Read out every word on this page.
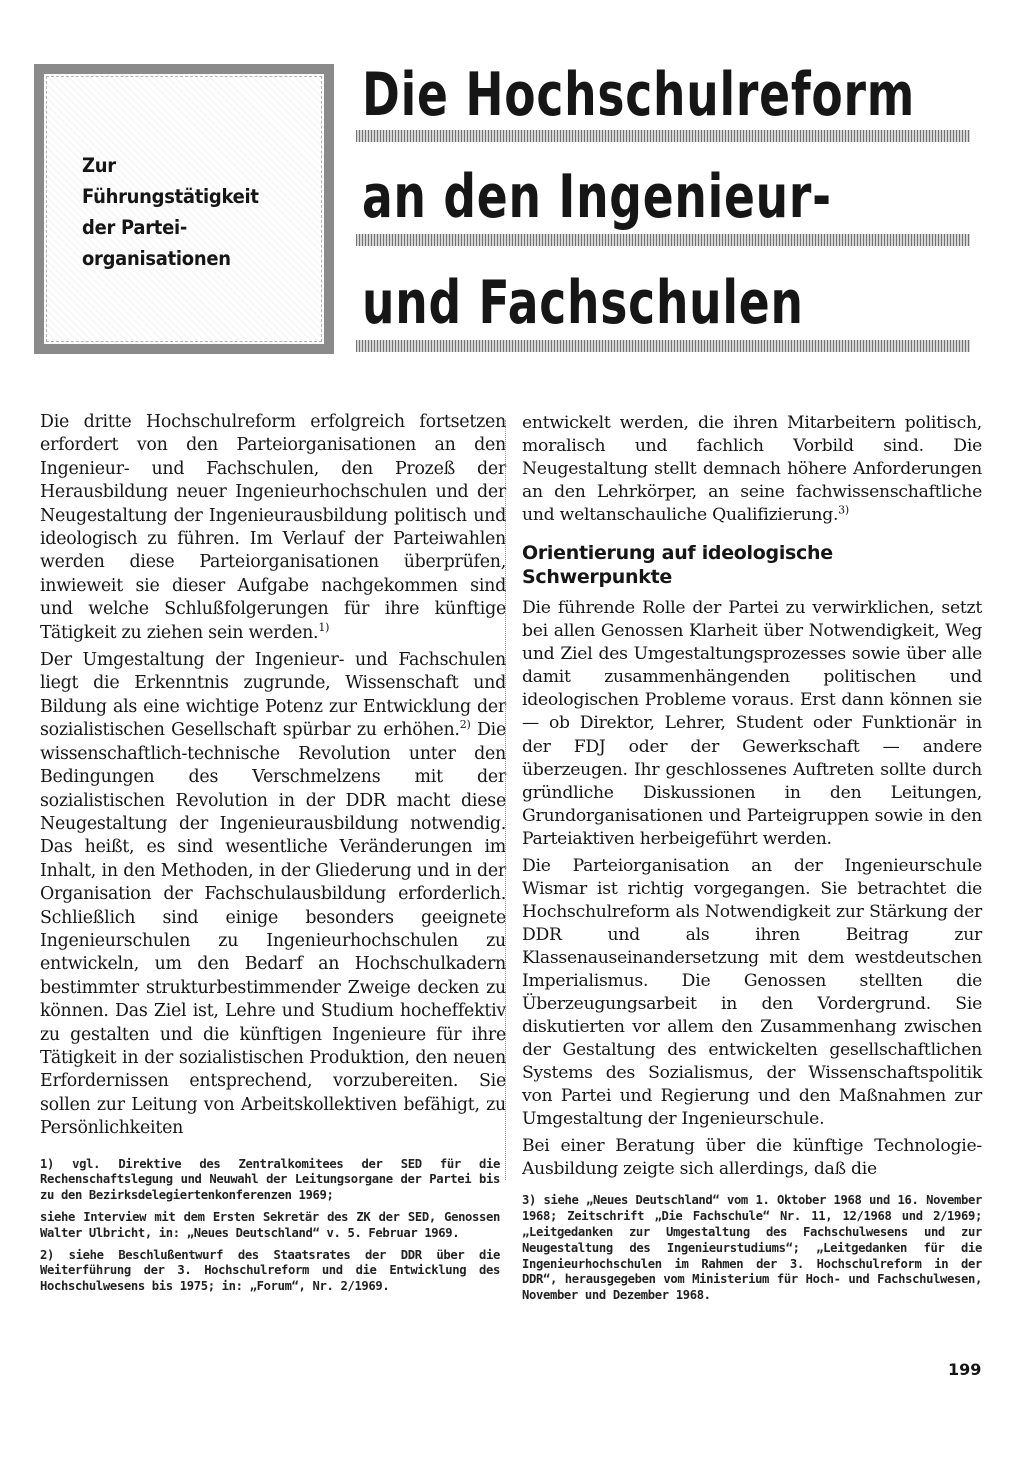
Zur
Führungstätigkeit
der Partei-
organisationen
Die Hochschulreform
an den Ingenieur-
und Fachschulen

Die dritte Hochschulreform erfolgreich fortsetzen erfordert von den Parteiorganisationen an den Ingenieur- und Fachschulen, den Prozeß der Herausbildung neuer Ingenieurhochschulen und der Neugestaltung der Ingenieurausbildung politisch und ideologisch zu führen. Im Verlauf der Parteiwahlen werden diese Parteiorganisationen überprüfen, inwieweit sie dieser Aufgabe nachgekommen sind und welche Schlußfolgerungen für ihre künftige Tätigkeit zu ziehen sein werden.$^{1)}$

Der Umgestaltung der Ingenieur- und Fachschulen liegt die Erkenntnis zugrunde, Wissenschaft und Bildung als eine wichtige Potenz zur Entwicklung der sozialistischen Gesellschaft spürbar zu erhöhen.$^{2)}$ Die wissenschaftlich-technische Revolution unter den Bedingungen des Verschmelzens mit der sozialistischen Revolution in der DDR macht diese Neugestaltung der Ingenieurausbildung notwendig. Das heißt, es sind wesentliche Veränderungen im Inhalt, in den Methoden, in der Gliederung und in der Organisation der Fachschulausbildung erforderlich. Schließlich sind einige besonders geeignete Ingenieurschulen zu Ingenieurhochschulen zu entwickeln, um den Bedarf an Hochschulkadern bestimmter strukturbestimmender Zweige decken zu können. Das Ziel ist, Lehre und Studium hocheffektiv zu gestalten und die künftigen Ingenieure für ihre Tätigkeit in der sozialistischen Produktion, den neuen Erfordernissen entsprechend, vorzubereiten. Sie sollen zur Leitung von Arbeitskollektiven befähigt, zu Persönlichkeiten

entwickelt werden, die ihren Mitarbeitern politisch, moralisch und fachlich Vorbild sind. Die Neugestaltung stellt demnach höhere Anforderungen an den Lehrkörper, an seine fachwissenschaftliche und weltanschauliche Qualifizierung.$^{3)}$

Orientierung auf ideologische
Schwerpunkte

Die führende Rolle der Partei zu verwirklichen, setzt bei allen Genossen Klarheit über Notwendigkeit, Weg und Ziel des Umgestaltungsprozesses sowie über alle damit zusammenhängenden politischen und ideologischen Probleme voraus. Erst dann können sie — ob Direktor, Lehrer, Student oder Funktionär in der FDJ oder der Gewerkschaft — andere überzeugen. Ihr geschlossenes Auftreten sollte durch gründliche Diskussionen in den Leitungen, Grundorganisationen und Parteigruppen sowie in den Parteiaktiven herbeigeführt werden.

Die Parteiorganisation an der Ingenieurschule Wismar ist richtig vorgegangen. Sie betrachtet die Hochschulreform als Notwendigkeit zur Stärkung der DDR und als ihren Beitrag zur Klassenauseinandersetzung mit dem westdeutschen Imperialismus. Die Genossen stellten die Überzeugungsarbeit in den Vordergrund. Sie diskutierten vor allem den Zusammenhang zwischen der Gestaltung des entwickelten gesellschaftlichen Systems des Sozialismus, der Wissenschaftspolitik von Partei und Regierung und den Maßnahmen zur Umgestaltung der Ingenieurschule.

Bei einer Beratung über die künftige Technologie-Ausbildung zeigte sich allerdings, daß die

1) vgl. Direktive des Zentralkomitees der SED für die Rechenschaftslegung und Neuwahl der Leitungsorgane der Partei bis zu den Bezirksdelegiertenkonferenzen 1969;

siehe Interview mit dem Ersten Sekretär des ZK der SED, Genossen Walter Ulbricht, in: „Neues Deutschland“ v. 5. Februar 1969.

2) siehe Beschlußentwurf des Staatsrates der DDR über die Weiterführung der 3. Hochschulreform und die Entwicklung des Hochschulwesens bis 1975; in: „Forum“, Nr. 2/1969.

3) siehe „Neues Deutschland“ vom 1. Oktober 1968 und 16. November 1968; Zeitschrift „Die Fachschule“ Nr. 11, 12/1968 und 2/1969; „Leitgedanken zur Umgestaltung des Fachschulwesens und zur Neugestaltung des Ingenieurstudiums“; „Leitgedanken für die Ingenieurhochschulen im Rahmen der 3. Hochschulreform in der DDR“, herausgegeben vom Ministerium für Hoch- und Fachschulwesen, November und Dezember 1968.

199
